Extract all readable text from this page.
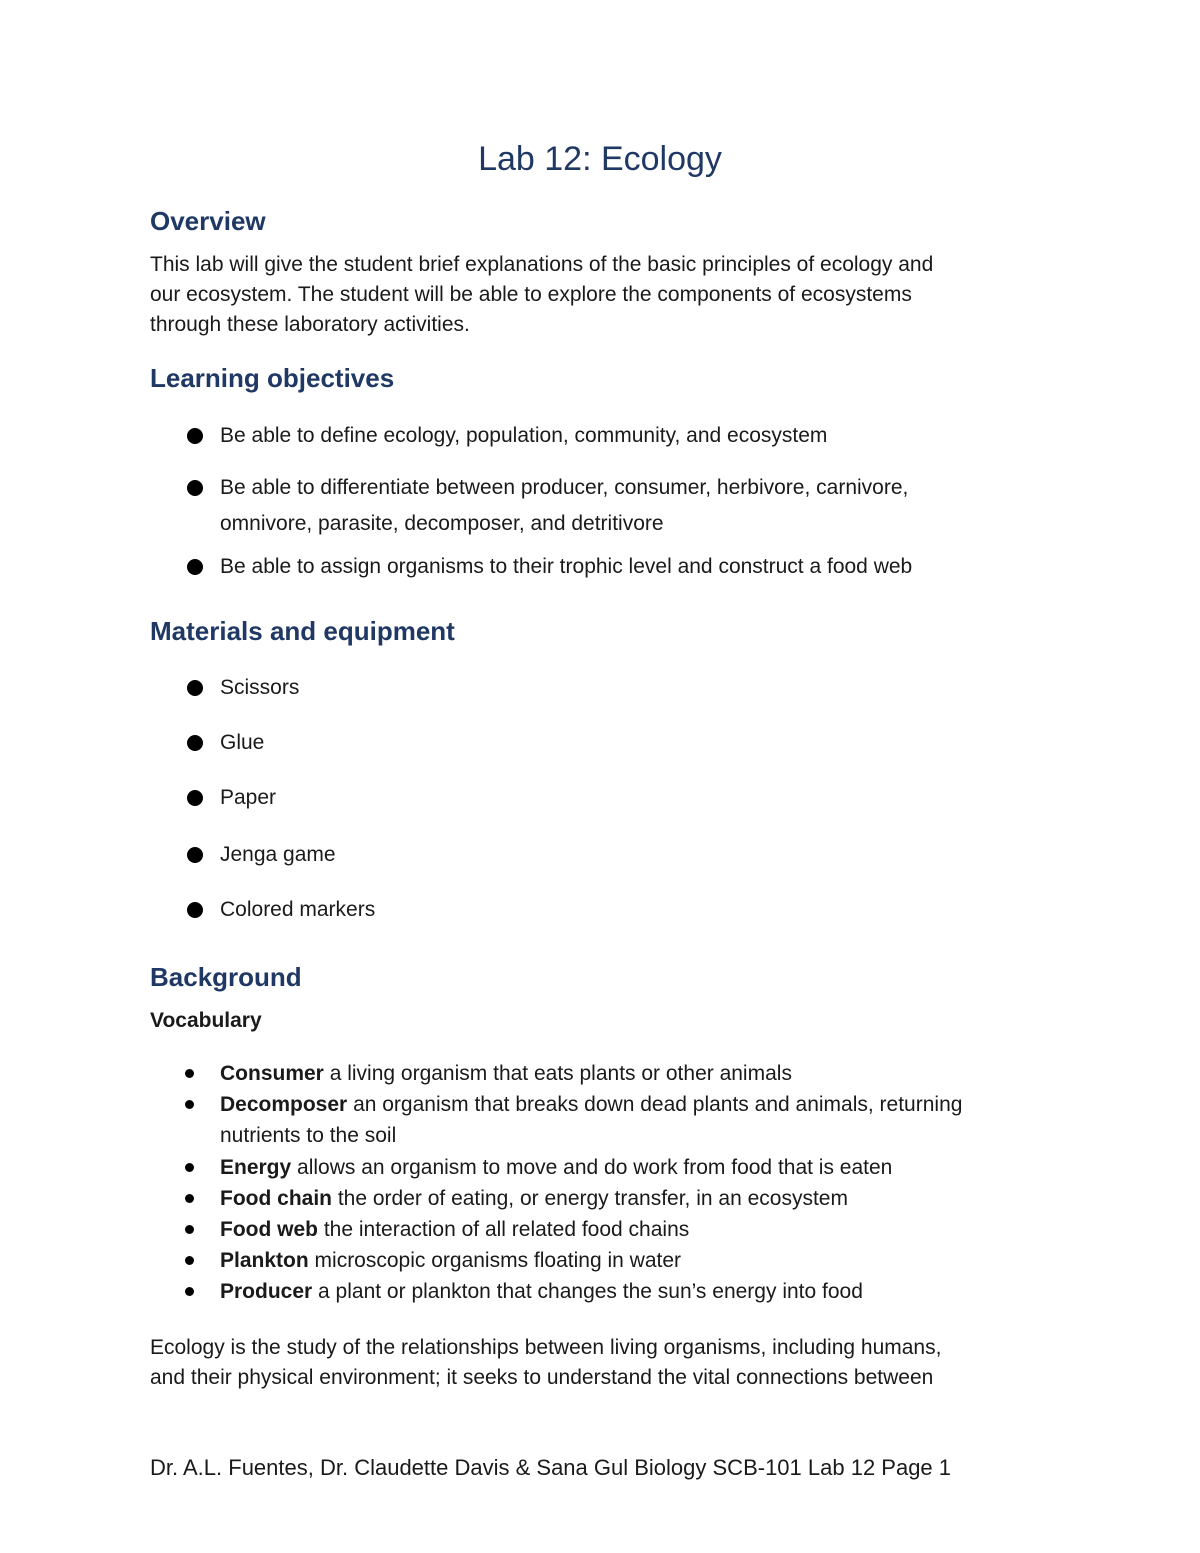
Lab 12: Ecology
Overview
This lab will give the student brief explanations of the basic principles of ecology and
our ecosystem. The student will be able to explore the components of ecosystems
through these laboratory activities.
Learning objectives
Be able to define ecology, population, community, and ecosystem
Be able to differentiate between producer, consumer, herbivore, carnivore,
omnivore, parasite, decomposer, and detritivore
Be able to assign organisms to their trophic level and construct a food web
Materials and equipment
Scissors
Glue
Paper
Jenga game
Colored markers
Background
Vocabulary
Consumer a living organism that eats plants or other animals
Decomposer an organism that breaks down dead plants and animals, returning
nutrients to the soil
Energy allows an organism to move and do work from food that is eaten
Food chain the order of eating, or energy transfer, in an ecosystem
Food web the interaction of all related food chains
Plankton microscopic organisms floating in water
Producer a plant or plankton that changes the sun’s energy into food
Ecology is the study of the relationships between living organisms, including humans,
and their physical environment; it seeks to understand the vital connections between
Dr. A.L. Fuentes, Dr. Claudette Davis & Sana Gul Biology SCB-101 Lab 12 Page 1
